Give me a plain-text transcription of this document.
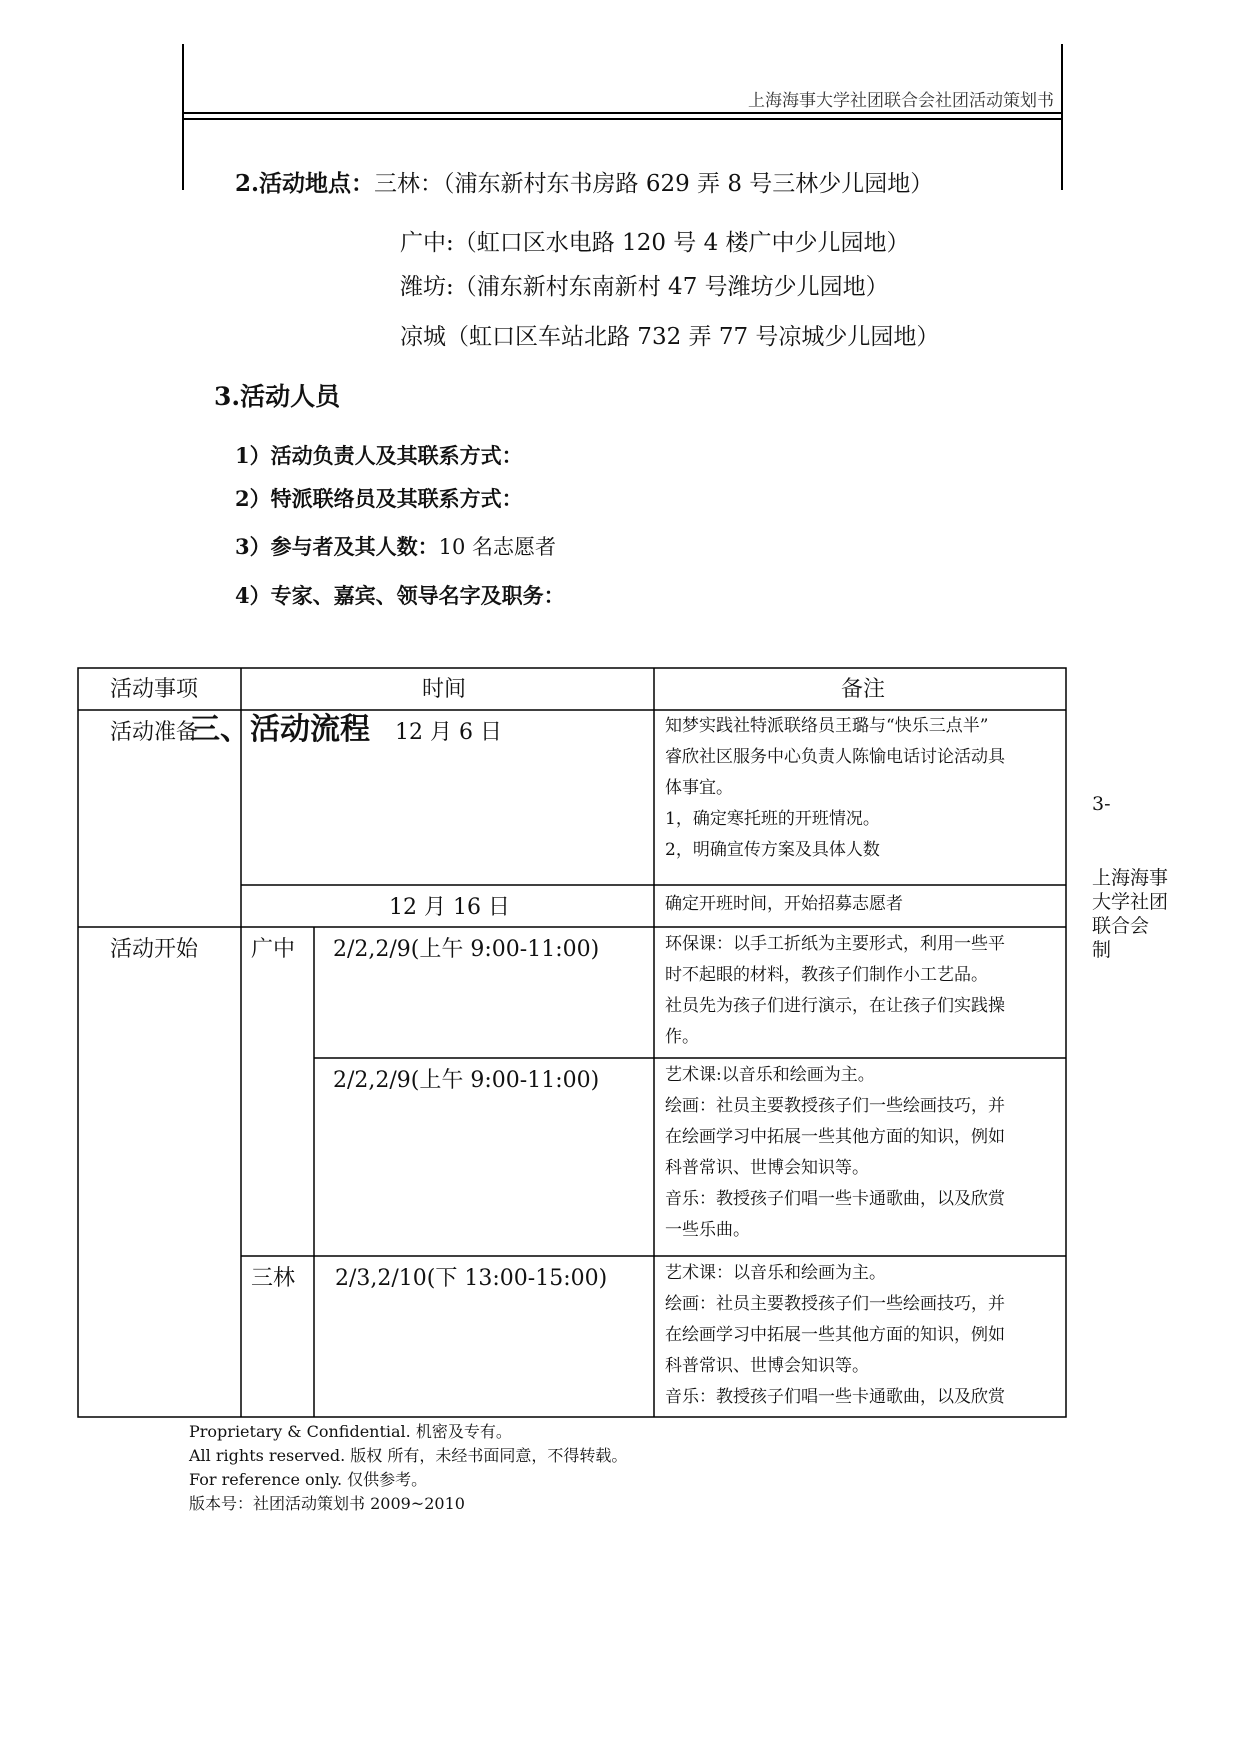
上海海事大学社团联合会社团活动策划书
2.活动地点：三林：（浦东新村东书房路 629 弄 8 号三林少儿园地）
广中:（虹口区水电路 120 号 4 楼广中少儿园地）
潍坊:（浦东新村东南新村 47 号潍坊少儿园地）
凉城（虹口区车站北路 732 弄 77 号凉城少儿园地）
3.活动人员
1）活动负责人及其联系方式：
2）特派联络员及其联系方式：
3）参与者及其人数：10 名志愿者
4）专家、嘉宾、领导名字及职务：
活动事项	时间	备注
活动准备	12 月 6 日	知梦实践社特派联络员王璐与“快乐三点半”
睿欣社区服务中心负责人陈愉电话讨论活动具
体事宜。
1，确定寒托班的开班情况。
2，明确宣传方案及具体人数
12 月 16 日	确定开班时间，开始招募志愿者
活动开始 广中 2/2,2/9(上午 9:00-11:00)	环保课：以手工折纸为主要形式，利用一些平
时不起眼的材料，教孩子们制作小工艺品。
社员先为孩子们进行演示，在让孩子们实践操
作。
2/2,2/9(上午 9:00-11:00)	艺术课:以音乐和绘画为主。
绘画：社员主要教授孩子们一些绘画技巧，并
在绘画学习中拓展一些其他方面的知识，例如
科普常识、世博会知识等。
音乐：教授孩子们唱一些卡通歌曲，以及欣赏
一些乐曲。
三林 2/3,2/10(下 13:00-15:00)	艺术课：以音乐和绘画为主。
绘画：社员主要教授孩子们一些绘画技巧，并
在绘画学习中拓展一些其他方面的知识，例如
科普常识、世博会知识等。
音乐：教授孩子们唱一些卡通歌曲，以及欣赏
三、活动流程
3-
上海海事
大学社团
联合会
制
Proprietary & Confidential. 机密及专有。
All rights reserved. 版权 所有，未经书面同意，不得转载。
For reference only. 仅供参考。
版本号：社团活动策划书 2009~2010
